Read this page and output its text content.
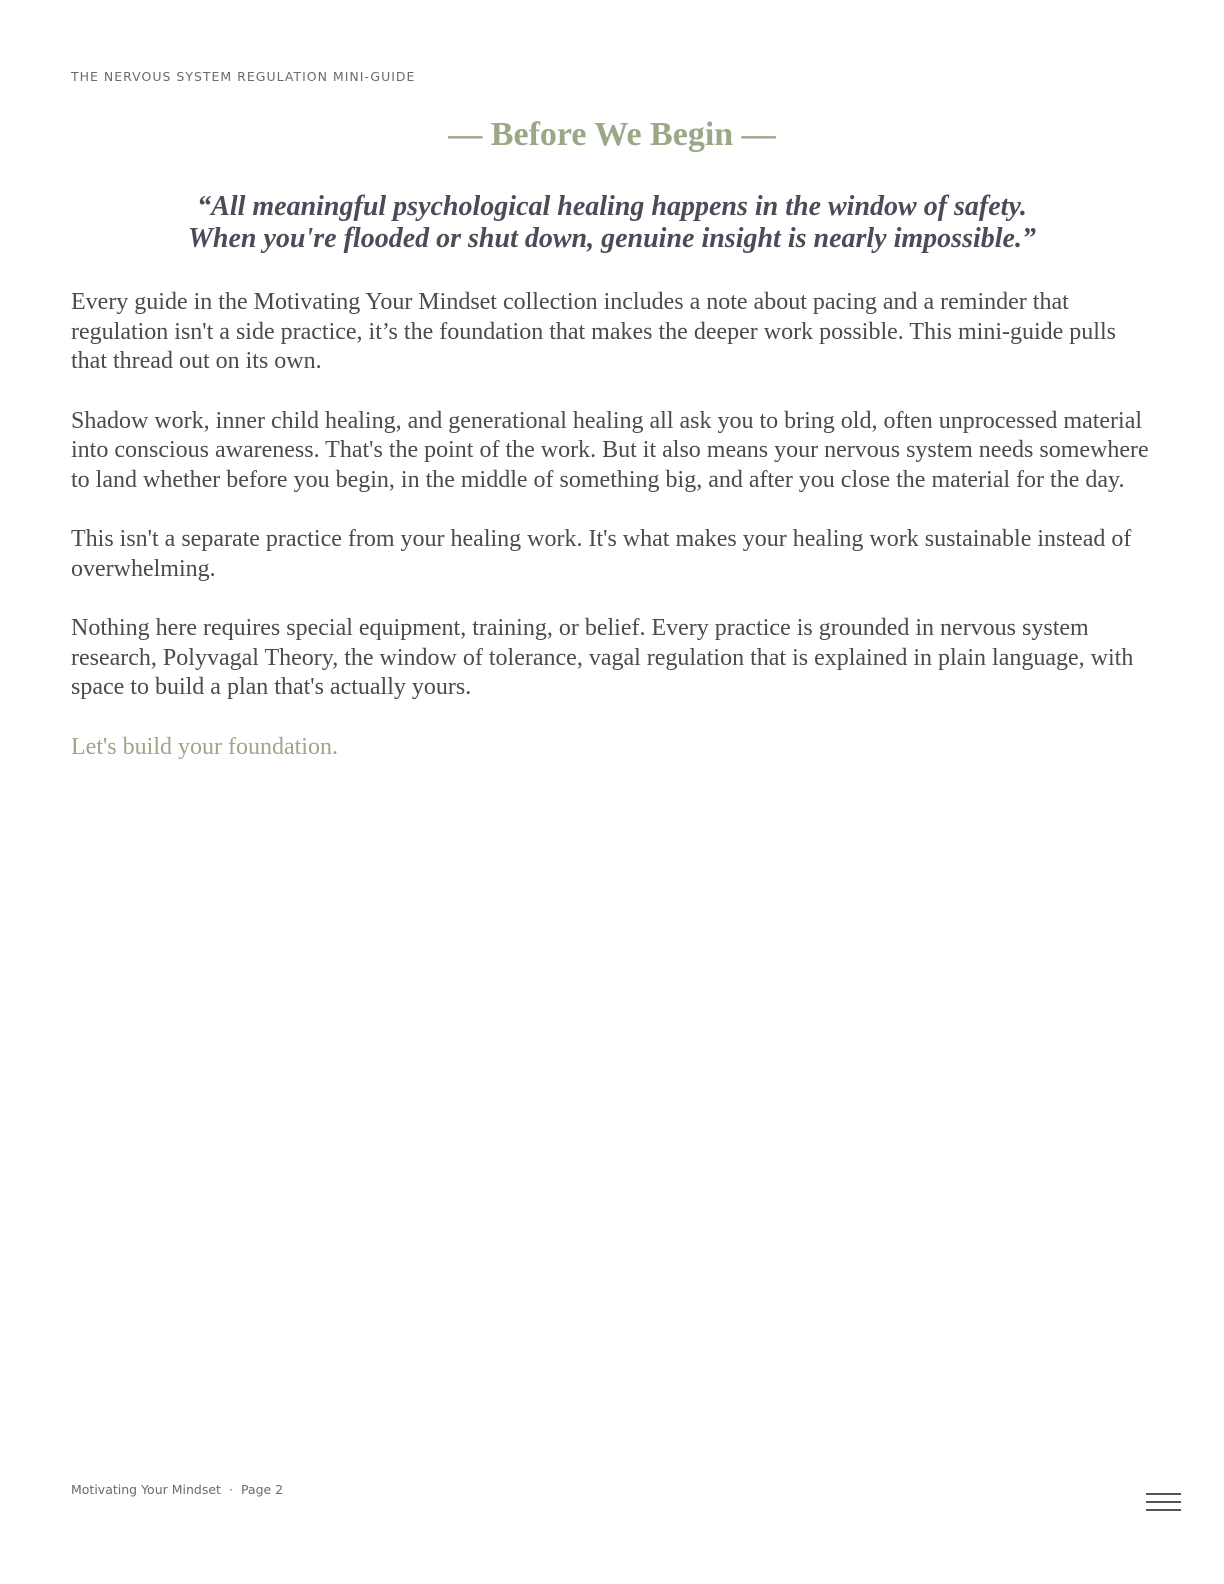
THE NERVOUS SYSTEM REGULATION MINI-GUIDE
— Before We Begin —
“All meaningful psychological healing happens in the window of safety.
When you're flooded or shut down, genuine insight is nearly impossible.”

Every guide in the Motivating Your Mindset collection includes a note about pacing and a reminder that regulation isn't a side practice, it’s the foundation that makes the deeper work possible. This mini-guide pulls that thread out on its own.

Shadow work, inner child healing, and generational healing all ask you to bring old, often unprocessed material into conscious awareness. That's the point of the work. But it also means your nervous system needs somewhere to land whether before you begin, in the middle of something big, and after you close the material for the day.

This isn't a separate practice from your healing work. It's what makes your healing work sustainable instead of overwhelming.

Nothing here requires special equipment, training, or belief. Every practice is grounded in nervous system research, Polyvagal Theory, the window of tolerance, vagal regulation that is explained in plain language, with space to build a plan that's actually yours.

Let's build your foundation.

Motivating Your Mindset · Page 2
